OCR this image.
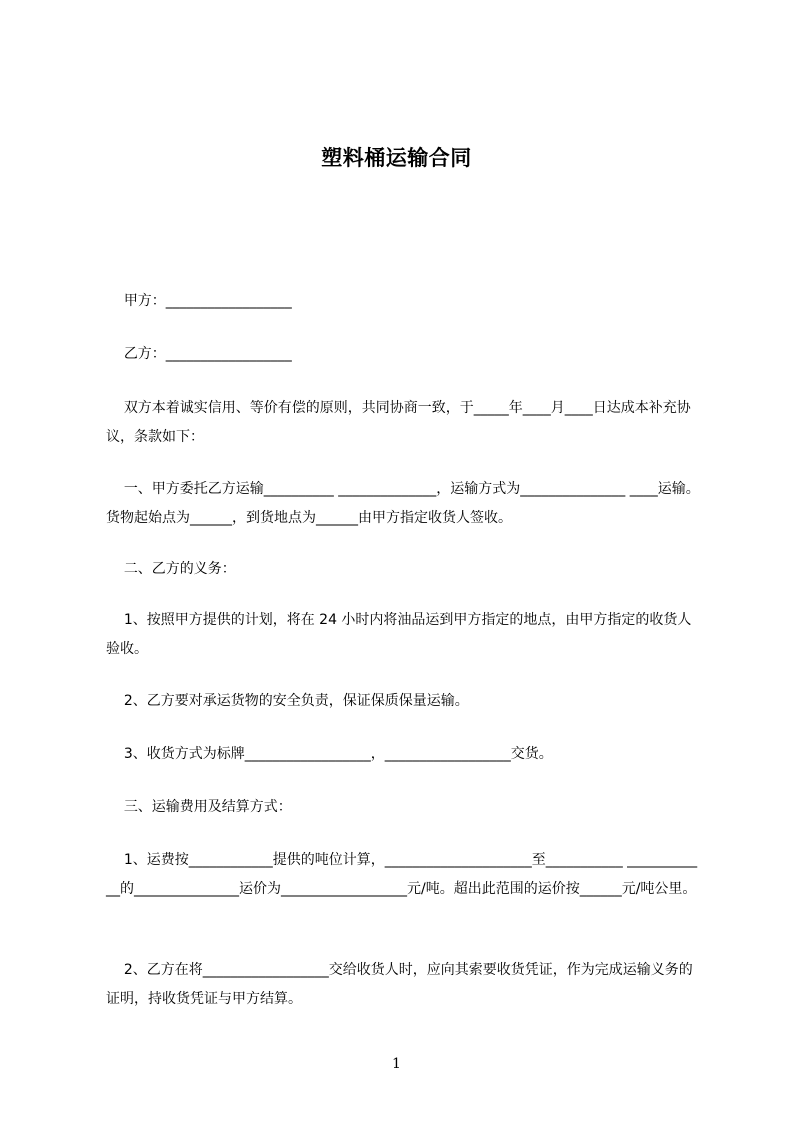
塑料桶运输合同
甲方：__________________
乙方：__________________
双方本着诚实信用、等价有偿的原则，共同协商一致，于_____年____月____日达成本补充协议，条款如下：
一、甲方委托乙方运输__________ ______________，运输方式为_______________ ____运输。货物起始点为______，到货地点为______由甲方指定收货人签收。
二、乙方的义务：
1、按照甲方提供的计划，将在 24 小时内将油品运到甲方指定的地点，由甲方指定的收货人验收。
2、乙方要对承运货物的安全负责，保证保质保量运输。
3、收货方式为标牌__________________，__________________交货。
三、运输费用及结算方式：
1、运费按____________提供的吨位计算，_____________________至___________ ____________的_______________运价为__________________元/吨。超出此范围的运价按______元/吨公里。
2、乙方在将__________________交给收货人时，应向其索要收货凭证，作为完成运输义务的证明，持收货凭证与甲方结算。
1
